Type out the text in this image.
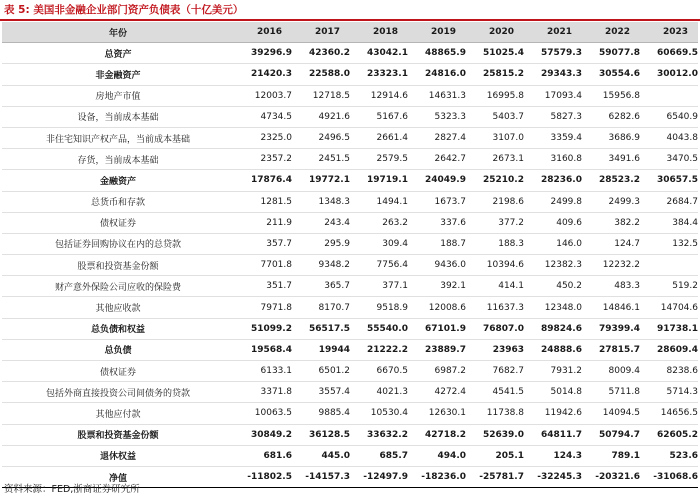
表 5: 美国非金融企业部门资产负债表（十亿美元）
年份	2016	2017	2018	2019	2020	2021	2022	2023
总资产	39296.9	42360.2	43042.1	48865.9	51025.4	57579.3	59077.8	60669.5
非金融资产	21420.3	22588.0	23323.1	24816.0	25815.2	29343.3	30554.6	30012.0
房地产市值	12003.7	12718.5	12914.6	14631.3	16995.8	17093.4	15956.8	
设备，当前成本基础	4734.5	4921.6	5167.6	5323.3	5403.7	5827.3	6282.6	6540.9
非住宅知识产权产品，当前成本基础	2325.0	2496.5	2661.4	2827.4	3107.0	3359.4	3686.9	4043.8
存货，当前成本基础	2357.2	2451.5	2579.5	2642.7	2673.1	3160.8	3491.6	3470.5
金融资产	17876.4	19772.1	19719.1	24049.9	25210.2	28236.0	28523.2	30657.5
总货币和存款	1281.5	1348.3	1494.1	1673.7	2198.6	2499.8	2499.3	2684.7
债权证券	211.9	243.4	263.2	337.6	377.2	409.6	382.2	384.4
包括证券回购协议在内的总贷款	357.7	295.9	309.4	188.7	188.3	146.0	124.7	132.5
股票和投资基金份额	7701.8	9348.2	7756.4	9436.0	10394.6	12382.3	12232.2	
财产意外保险公司应收的保险费	351.7	365.7	377.1	392.1	414.1	450.2	483.3	519.2
其他应收款	7971.8	8170.7	9518.9	12008.6	11637.3	12348.0	14846.1	14704.6
总负债和权益	51099.2	56517.5	55540.0	67101.9	76807.0	89824.6	79399.4	91738.1
总负债	19568.4	19944	21222.2	23889.7	23963	24888.6	27815.7	28609.4
债权证券	6133.1	6501.2	6670.5	6987.2	7682.7	7931.2	8009.4	8238.6
包括外商直接投资公司间债务的贷款	3371.8	3557.4	4021.3	4272.4	4541.5	5014.8	5711.8	5714.3
其他应付款	10063.5	9885.4	10530.4	12630.1	11738.8	11942.6	14094.5	14656.5
股票和投资基金份额	30849.2	36128.5	33632.2	42718.2	52639.0	64811.7	50794.7	62605.2
退休权益	681.6	445.0	685.7	494.0	205.1	124.3	789.1	523.6
净值	-11802.5	-14157.3	-12497.9	-18236.0	-25781.7	-32245.3	-20321.6	-31068.6
资料来源：FED,浙商证券研究所
